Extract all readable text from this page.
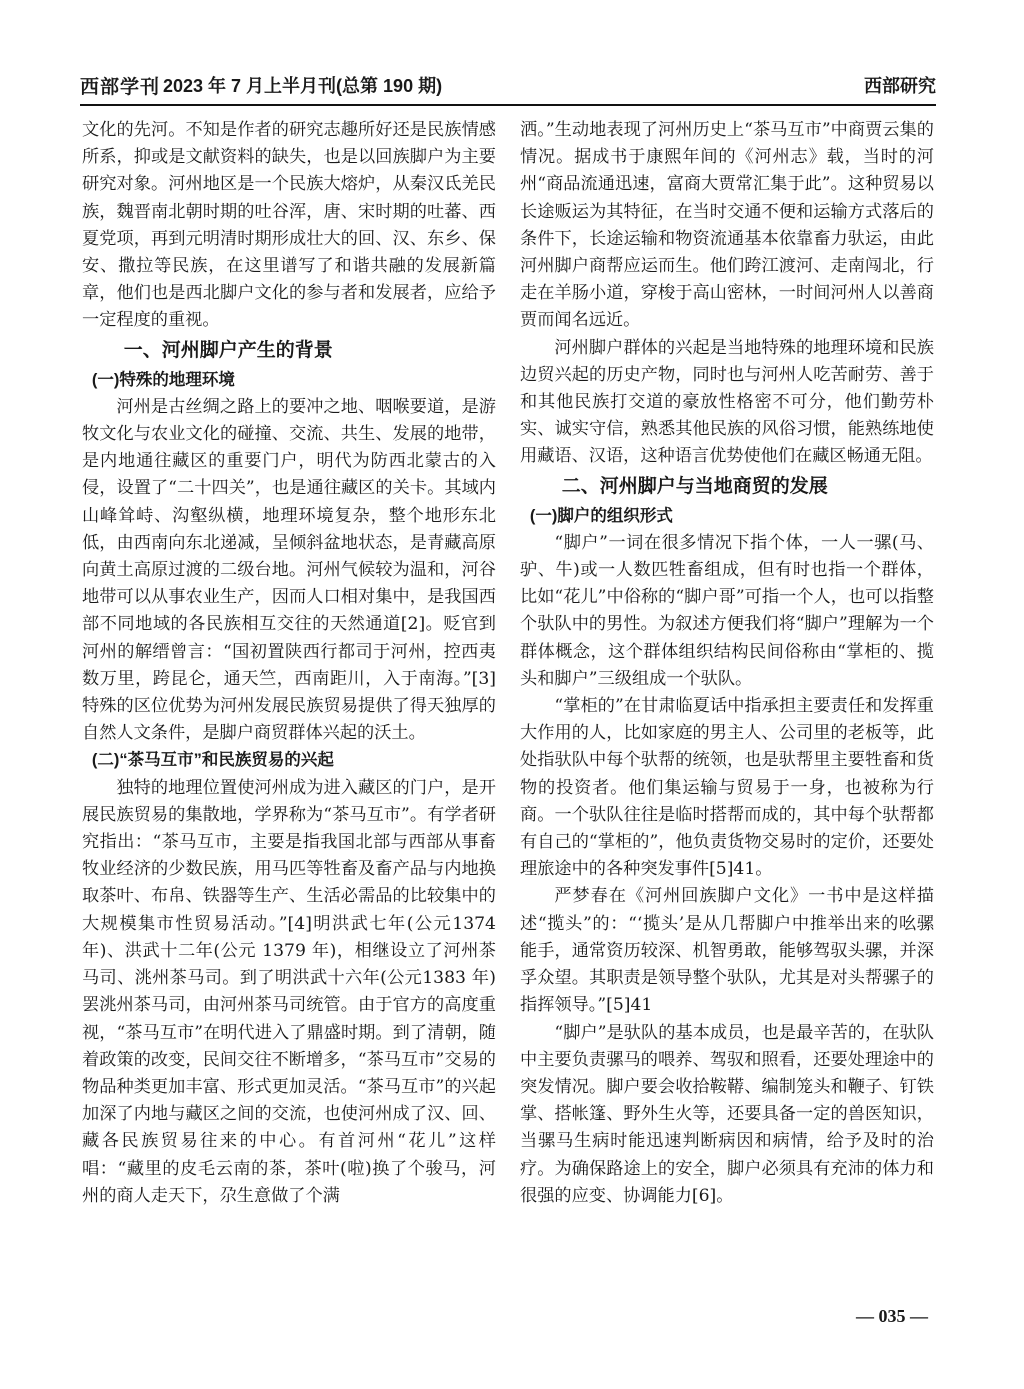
西部学刊 2023 年 7 月上半月刊(总第 190 期)	西部研究

文化的先河。不知是作者的研究志趣所好还是民族情感所系，抑或是文献资料的缺失，也是以回族脚户为主要研究对象。河州地区是一个民族大熔炉，从秦汉氐羌民族，魏晋南北朝时期的吐谷浑，唐、宋时期的吐蕃、西夏党项，再到元明清时期形成壮大的回、汉、东乡、保安、撒拉等民族，在这里谱写了和谐共融的发展新篇章，他们也是西北脚户文化的参与者和发展者，应给予一定程度的重视。

一、河州脚户产生的背景
(一)特殊的地理环境

河州是古丝绸之路上的要冲之地、咽喉要道，是游牧文化与农业文化的碰撞、交流、共生、发展的地带，是内地通往藏区的重要门户，明代为防西北蒙古的入侵，设置了“二十四关”，也是通往藏区的关卡。其域内山峰耸峙、沟壑纵横，地理环境复杂，整个地形东北低，由西南向东北递减，呈倾斜盆地状态，是青藏高原向黄土高原过渡的二级台地。河州气候较为温和，河谷地带可以从事农业生产，因而人口相对集中，是我国西部不同地域的各民族相互交往的天然通道[2]。贬官到河州的解缙曾言：“国初置陕西行都司于河州，控西夷数万里，跨昆仑，通天竺，西南距川，入于南海。”[3]特殊的区位优势为河州发展民族贸易提供了得天独厚的自然人文条件，是脚户商贸群体兴起的沃土。

(二)“茶马互市”和民族贸易的兴起

独特的地理位置使河州成为进入藏区的门户，是开展民族贸易的集散地，学界称为“茶马互市”。有学者研究指出：“茶马互市，主要是指我国北部与西部从事畜牧业经济的少数民族，用马匹等牲畜及畜产品与内地换取茶叶、布帛、铁器等生产、生活必需品的比较集中的大规模集市性贸易活动。”[4]明洪武七年(公元1374 年)、洪武十二年(公元 1379 年)，相继设立了河州茶马司、洮州茶马司。到了明洪武十六年(公元1383 年)罢洮州茶马司，由河州茶马司统管。由于官方的高度重视，“茶马互市”在明代进入了鼎盛时期。到了清朝，随着政策的改变，民间交往不断增多，“茶马互市”交易的物品种类更加丰富、形式更加灵活。“茶马互市”的兴起加深了内地与藏区之间的交流，也使河州成了汉、回、藏各民族贸易往来的中心。有首河州“花儿”这样唱：“藏里的皮毛云南的茶，茶叶(啦)换了个骏马，河州的商人走天下，尕生意做了个满

洒。”生动地表现了河州历史上“茶马互市”中商贾云集的情况。据成书于康熙年间的《河州志》载，当时的河州“商品流通迅速，富商大贾常汇集于此”。这种贸易以长途贩运为其特征，在当时交通不便和运输方式落后的条件下，长途运输和物资流通基本依靠畜力驮运，由此河州脚户商帮应运而生。他们跨江渡河、走南闯北，行走在羊肠小道，穿梭于高山密林，一时间河州人以善商贾而闻名远近。

河州脚户群体的兴起是当地特殊的地理环境和民族边贸兴起的历史产物，同时也与河州人吃苦耐劳、善于和其他民族打交道的豪放性格密不可分，他们勤劳朴实、诚实守信，熟悉其他民族的风俗习惯，能熟练地使用藏语、汉语，这种语言优势使他们在藏区畅通无阻。

二、河州脚户与当地商贸的发展
(一)脚户的组织形式

“脚户”一词在很多情况下指个体，一人一骡(马、驴、牛)或一人数匹牲畜组成，但有时也指一个群体，比如“花儿”中俗称的“脚户哥”可指一个人，也可以指整个驮队中的男性。为叙述方便我们将“脚户”理解为一个群体概念，这个群体组织结构民间俗称由“掌柜的、揽头和脚户”三级组成一个驮队。

“掌柜的”在甘肃临夏话中指承担主要责任和发挥重大作用的人，比如家庭的男主人、公司里的老板等，此处指驮队中每个驮帮的统领，也是驮帮里主要牲畜和货物的投资者。他们集运输与贸易于一身，也被称为行商。一个驮队往往是临时搭帮而成的，其中每个驮帮都有自己的“掌柜的”，他负责货物交易时的定价，还要处理旅途中的各种突发事件[5]41。

严梦春在《河州回族脚户文化》一书中是这样描述“揽头”的：“‘揽头’是从几帮脚户中推举出来的吆骡能手，通常资历较深、机智勇敢，能够驾驭头骡，并深孚众望。其职责是领导整个驮队，尤其是对头帮骡子的指挥领导。”[5]41

“脚户”是驮队的基本成员，也是最辛苦的，在驮队中主要负责骡马的喂养、驾驭和照看，还要处理途中的突发情况。脚户要会收拾鞍鞯、编制笼头和鞭子、钉铁掌、搭帐篷、野外生火等，还要具备一定的兽医知识，当骡马生病时能迅速判断病因和病情，给予及时的治疗。为确保路途上的安全，脚户必须具有充沛的体力和很强的应变、协调能力[6]。

— 035 —
